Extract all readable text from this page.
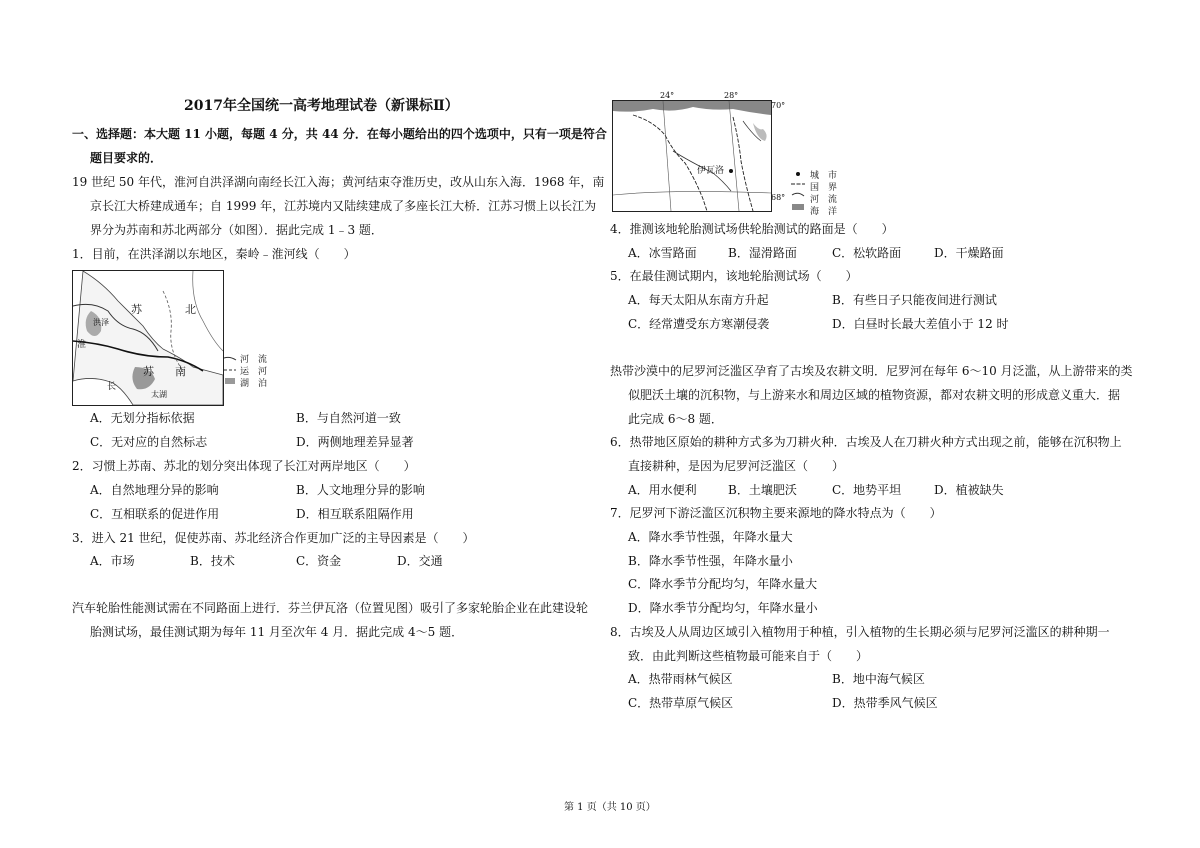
2017年全国统一高考地理试卷（新课标Ⅱ）
一、选择题：本大题 11 小题，每题 4 分，共 44 分．在每小题给出的四个选项中，只有一项是符合
题目要求的．
19 世纪 50 年代，淮河自洪泽湖向南经长江入海；黄河结束夺淮历史，改从山东入海．1968 年，南
京长江大桥建成通车；自 1999 年，江苏境内又陆续建成了多座长江大桥．江苏习惯上以长江为
界分为苏南和苏北两部分（如图）．据此完成 1﹣3 题．
1．目前，在洪泽湖以东地区，秦岭﹣淮河线（　　）
苏	北
苏 南
洪泽
淮
长
太湖
河　流
运　河
湖　泊
A．无划分指标依据	B．与自然河道一致
C．无对应的自然标志	D．两侧地理差异显著
2．习惯上苏南、苏北的划分突出体现了长江对两岸地区（　　）
A．自然地理分异的影响	B．人文地理分异的影响
C．互相联系的促进作用	D．相互联系阻隔作用
3．进入 21 世纪，促使苏南、苏北经济合作更加广泛的主导因素是（　　）
A．市场	B．技术	C．资金	D．交通
汽车轮胎性能测试需在不同路面上进行．芬兰伊瓦洛（位置见图）吸引了多家轮胎企业在此建设轮
胎测试场，最佳测试期为每年 11 月至次年 4 月．据此完成 4～5 题．
伊瓦洛
24°	28°
70°
68°
城　市
国　界
河　流
海　洋
4．推测该地轮胎测试场供轮胎测试的路面是（　　）
A．冰雪路面	B．湿滑路面	C．松软路面	D．干燥路面
5．在最佳测试期内，该地轮胎测试场（　　）
A．每天太阳从东南方升起	B．有些日子只能夜间进行测试
C．经常遭受东方寒潮侵袭	D．白昼时长最大差值小于 12 时
热带沙漠中的尼罗河泛滥区孕育了古埃及农耕文明．尼罗河在每年 6～10 月泛滥，从上游带来的类
似肥沃土壤的沉积物，与上游来水和周边区域的植物资源，都对农耕文明的形成意义重大．据
此完成 6～8 题．
6．热带地区原始的耕种方式多为刀耕火种．古埃及人在刀耕火种方式出现之前，能够在沉积物上
直接耕种，是因为尼罗河泛滥区（　　）
A．用水便利	B．土壤肥沃	C．地势平坦	D．植被缺失
7．尼罗河下游泛滥区沉积物主要来源地的降水特点为（　　）
A．降水季节性强，年降水量大
B．降水季节性强，年降水量小
C．降水季节分配均匀，年降水量大
D．降水季节分配均匀，年降水量小
8．古埃及人从周边区域引入植物用于种植，引入植物的生长期必须与尼罗河泛滥区的耕种期一
致．由此判断这些植物最可能来自于（　　）
A．热带雨林气候区	B．地中海气候区
C．热带草原气候区	D．热带季风气候区
第 1 页（共 10 页）
